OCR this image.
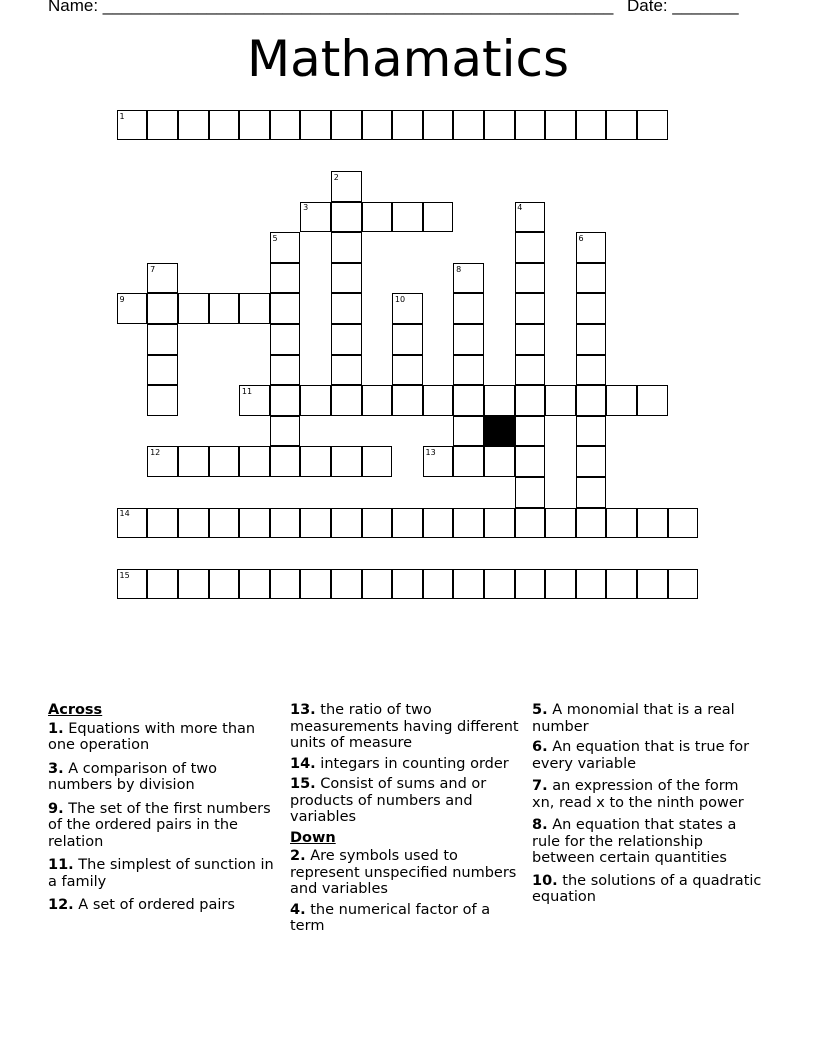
Name: ______________________________________________________ Date: _______
Mathamatics
1
2
3	4
5	6
7	8
9	10
11
12	13
14
15
Across
1. Equations with more than one operation
3. A comparison of two numbers by division
9. The set of the first numbers of the ordered pairs in the relation
11. The simplest of sunction in a family
12. A set of ordered pairs
13. the ratio of two measurements having different units of measure
14. integars in counting order
15. Consist of sums and or products of numbers and variables
Down
2. Are symbols used to represent unspecified numbers and variables
4. the numerical factor of a term
5. A monomial that is a real number
6. An equation that is true for every variable
7. an expression of the form xn, read x to the ninth power
8. An equation that states a rule for the relationship between certain quantities
10. the solutions of a quadratic equation
